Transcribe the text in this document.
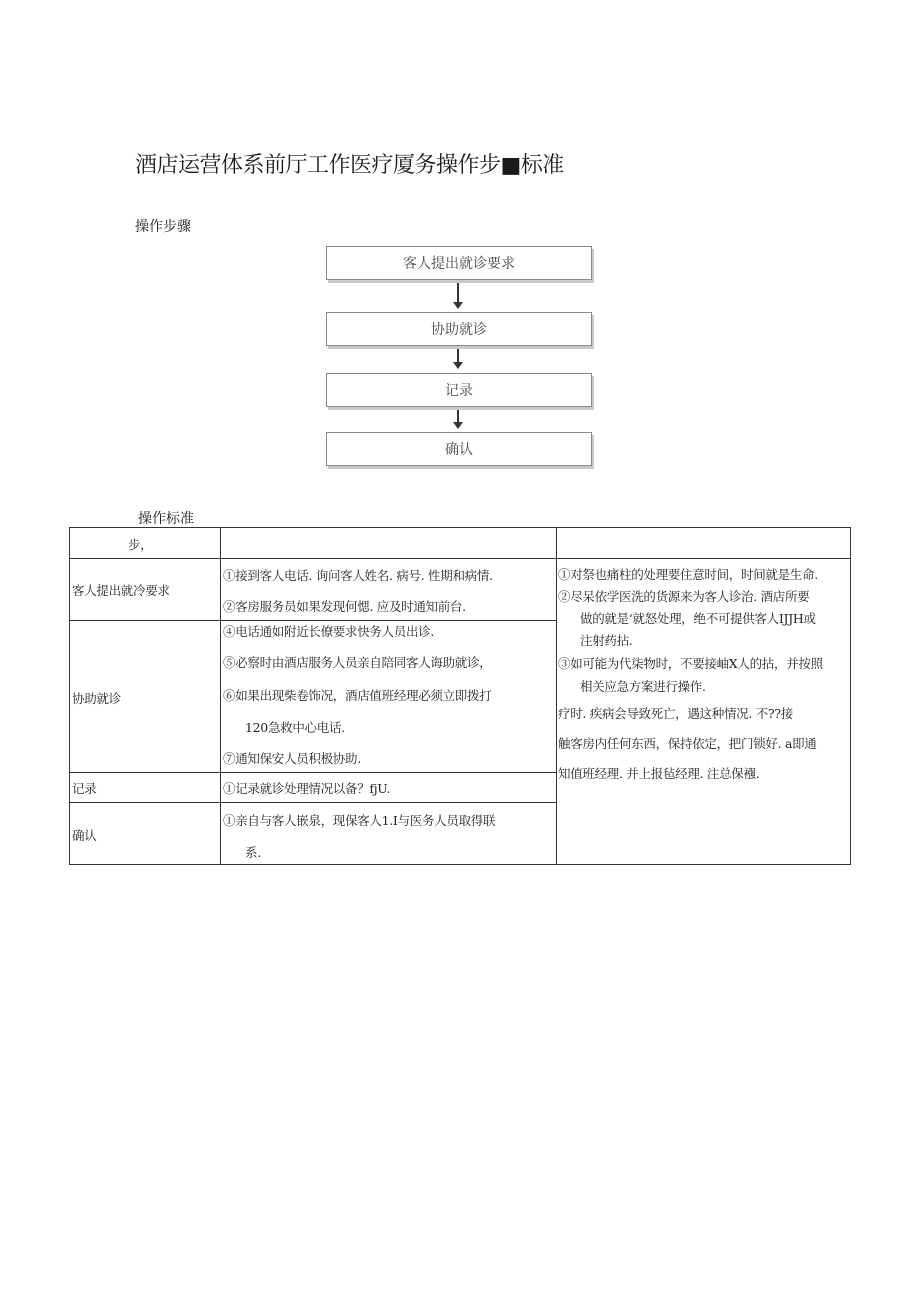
酒店运营体系前厅工作医疗厦务操作步■标准
操作步骤
客人提出就诊要求
协助就诊
记录
确认
操作标准
步，
客人提出就冷要求
①接到客人电话. 询问客人姓名. 病号. 性期和病情.
②客房服务员如果发现何愢. 应及时通知前台.
协助就诊
④电话通如附近长僚要求快务人员出诊.
⑤必察时由酒店服务人员亲自陪同客人诲助就诊，
⑥如果出现柴卷饰况，酒店值班经理必须立即拨打
120急救中心电话.
⑦通知保安人员积极协助.
记录	①记录就诊处理情况以备？fjU.
确认
①亲自与客人嵌泉，现保客人1.I与医务人员取得联
系.
①对祭也痛柱的处理要住意时间，时间就是生命.
②尽呆依学医洗的货源来为客人诊治. 酒店所要
做的就是‘就怒处理，绝不可提供客人IJJH或
注射药拈.
③如可能为代柒物时，不要接岫X人的拈，并按照
相关应急方案进行操作.
疗时. 疾病会导致死亡，遇这种情况. 不??接
触客房内任何东西，保持依定，把门锁好. a即通
知值班经理. 并上报毡经理. 注总保襁.
